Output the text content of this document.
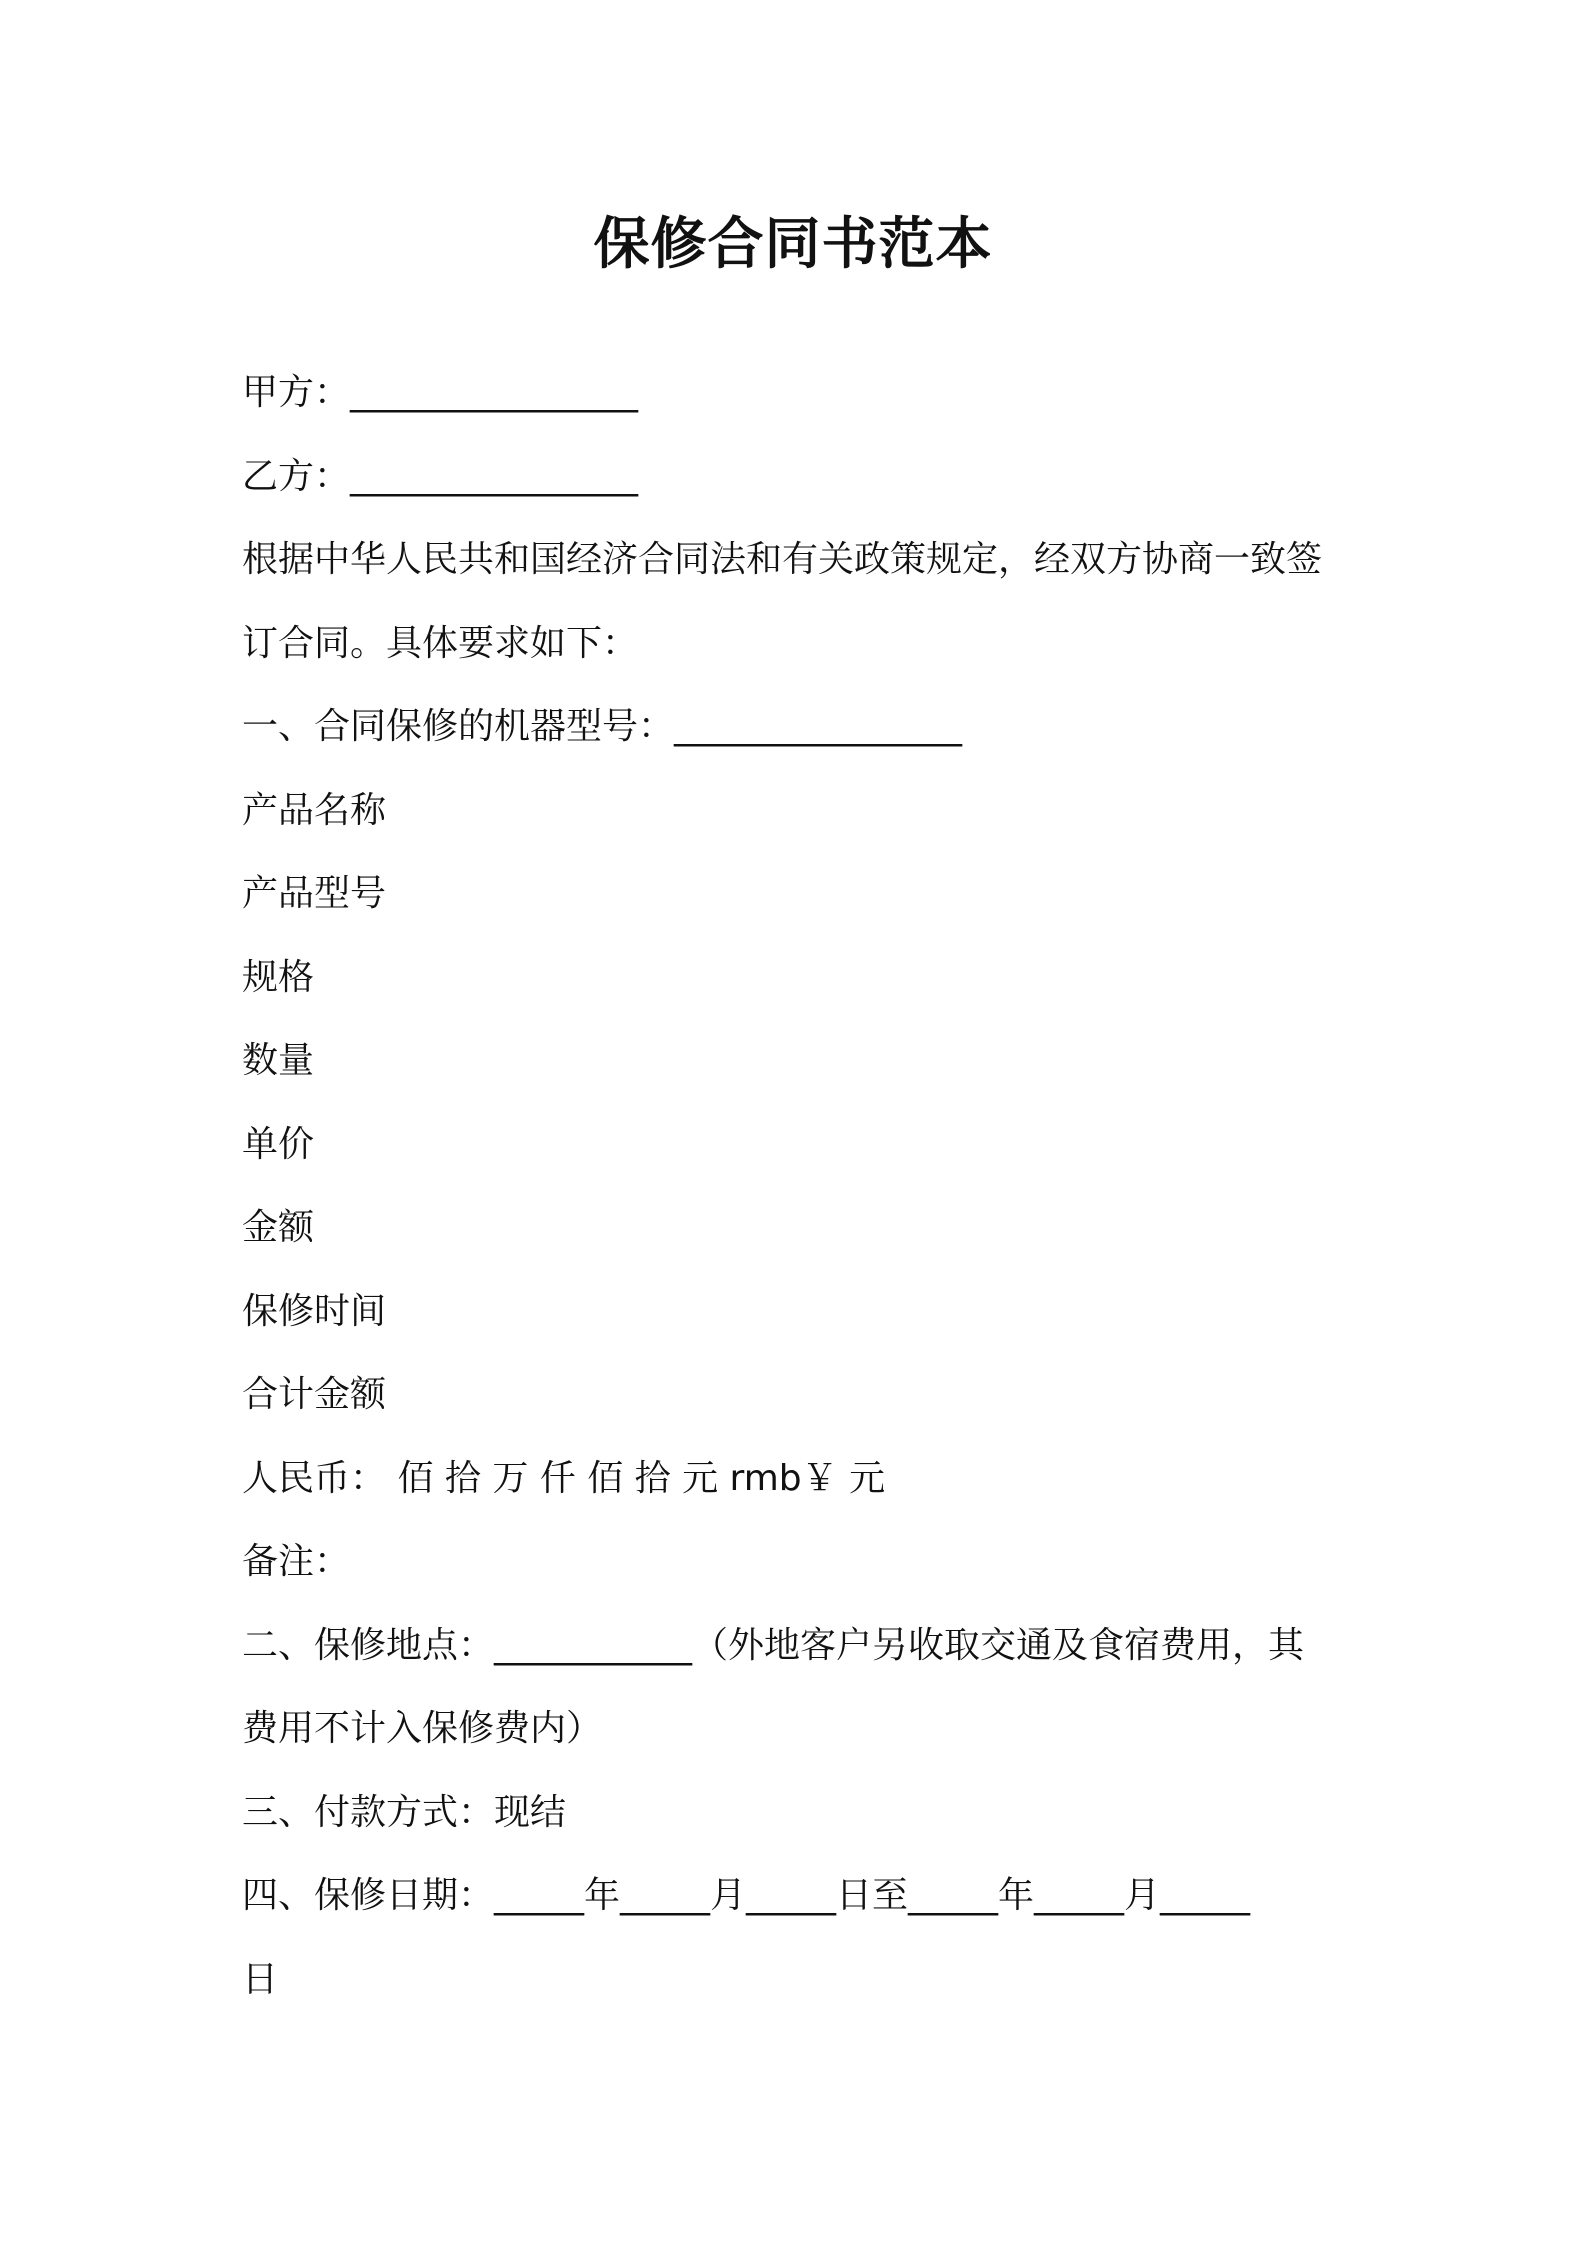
保修合同书范本
甲方：________________
乙方：________________
根据中华人民共和国经济合同法和有关政策规定，经双方协商一致签
订合同。具体要求如下：
一、合同保修的机器型号：________________
产品名称
产品型号
规格
数量
单价
金额
保修时间
合计金额
人民币： 佰 拾 万 仟 佰 拾 元 rmb￥ 元
备注：
二、保修地点：___________（外地客户另收取交通及食宿费用，其
费用不计入保修费内）
三、付款方式：现结
四、保修日期：_____年_____月_____日至_____年_____月_____
日
